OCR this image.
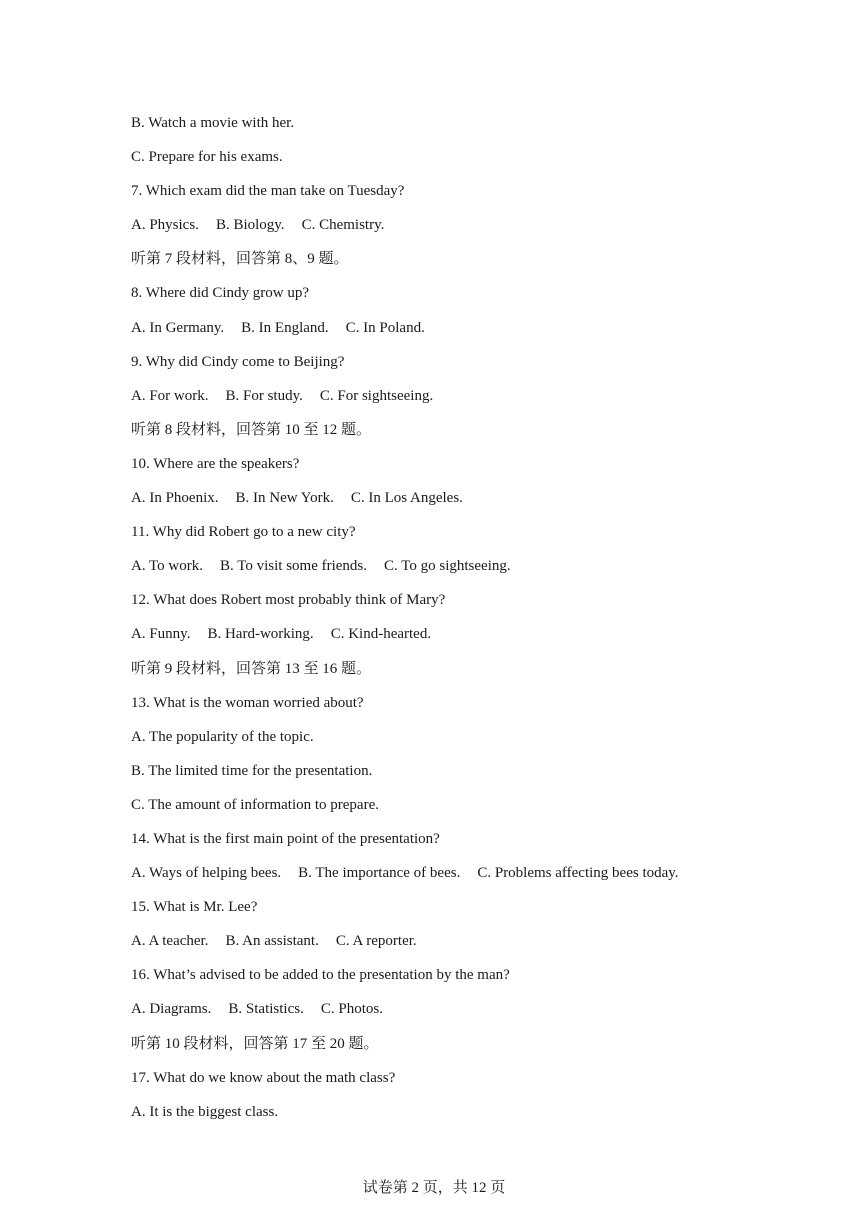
B. Watch a movie with her.
C. Prepare for his exams.
7. Which exam did the man take on Tuesday?
A. Physics. B. Biology. C. Chemistry.
听第 7 段材料，回答第 8、9 题。
8. Where did Cindy grow up?
A. In Germany. B. In England. C. In Poland.
9. Why did Cindy come to Beijing?
A. For work. B. For study. C. For sightseeing.
听第 8 段材料，回答第 10 至 12 题。
10. Where are the speakers?
A. In Phoenix. B. In New York. C. In Los Angeles.
11. Why did Robert go to a new city?
A. To work. B. To visit some friends. C. To go sightseeing.
12. What does Robert most probably think of Mary?
A. Funny. B. Hard-working. C. Kind-hearted.
听第 9 段材料，回答第 13 至 16 题。
13. What is the woman worried about?
A. The popularity of the topic.
B. The limited time for the presentation.
C. The amount of information to prepare.
14. What is the first main point of the presentation?
A. Ways of helping bees. B. The importance of bees. C. Problems affecting bees today.
15. What is Mr. Lee?
A. A teacher. B. An assistant. C. A reporter.
16. What’s advised to be added to the presentation by the man?
A. Diagrams. B. Statistics. C. Photos.
听第 10 段材料，回答第 17 至 20 题。
17. What do we know about the math class?
A. It is the biggest class.
试卷第 2 页，共 12 页
